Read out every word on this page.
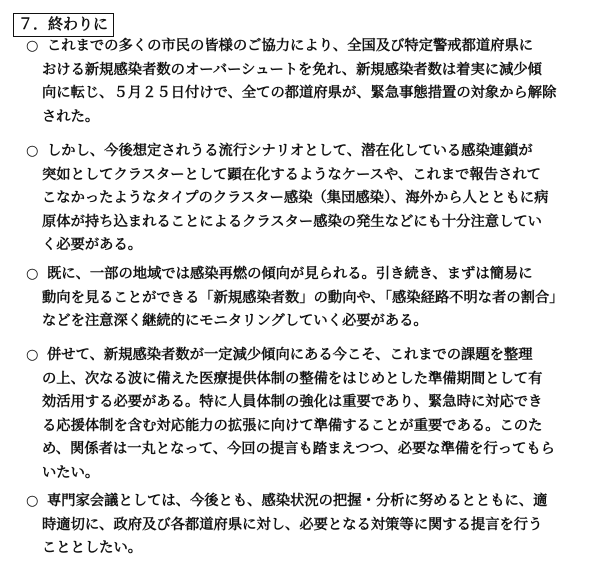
７．終わりに
○ これまでの多くの市民の皆様のご協力により、全国及び特定警戒都道府県に
おける新規感染者数のオーバーシュートを免れ、新規感染者数は着実に減少傾
向に転じ、５月２５日付けで、全ての都道府県が、緊急事態措置の対象から解除
された。
○ しかし、今後想定されうる流行シナリオとして、潜在化している感染連鎖が
突如としてクラスターとして顕在化するようなケースや、これまで報告されて
こなかったようなタイプのクラスター感染（集団感染）、海外から人とともに病
原体が持ち込まれることによるクラスター感染の発生などにも十分注意してい
く必要がある。
○ 既に、一部の地域では感染再燃の傾向が見られる。引き続き、まずは簡易に
動向を見ることができる「新規感染者数」の動向や、「感染経路不明な者の割合」
などを注意深く継続的にモニタリングしていく必要がある。
○ 併せて、新規感染者数が一定減少傾向にある今こそ、これまでの課題を整理
の上、次なる波に備えた医療提供体制の整備をはじめとした準備期間として有
効活用する必要がある。特に人員体制の強化は重要であり、緊急時に対応でき
る応援体制を含む対応能力の拡張に向けて準備することが重要である。このた
め、関係者は一丸となって、今回の提言も踏まえつつ、必要な準備を行ってもら
いたい。
○ 専門家会議としては、今後とも、感染状況の把握・分析に努めるとともに、適
時適切に、政府及び各都道府県に対し、必要となる対策等に関する提言を行う
こととしたい。
